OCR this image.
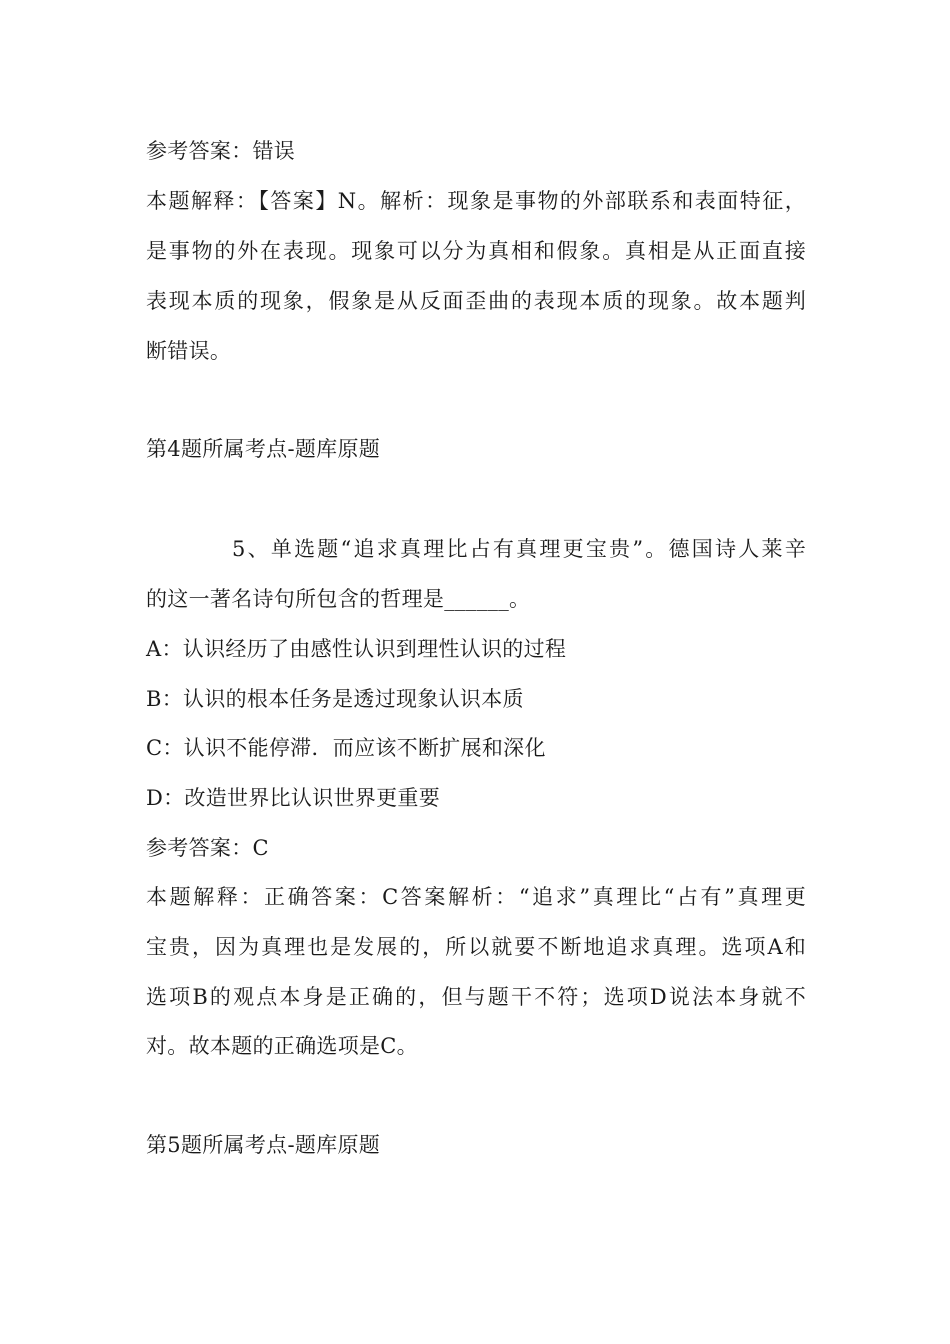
参考答案：错误
本题解释：【答案】N。解析：现象是事物的外部联系和表面特征，
是事物的外在表现。现象可以分为真相和假象。真相是从正面直接
表现本质的现象，假象是从反面歪曲的表现本质的现象。故本题判
断错误。
第4题所属考点-题库原题
5、单选题“追求真理比占有真理更宝贵”。德国诗人莱辛
的这一著名诗句所包含的哲理是______。
A：认识经历了由感性认识到理性认识的过程
B：认识的根本任务是透过现象认识本质
C：认识不能停滞．而应该不断扩展和深化
D：改造世界比认识世界更重要
参考答案：C
本题解释：正确答案：C答案解析：“追求”真理比“占有”真理更
宝贵，因为真理也是发展的，所以就要不断地追求真理。选项A和
选项B的观点本身是正确的，但与题干不符；选项D说法本身就不
对。故本题的正确选项是C。
第5题所属考点-题库原题
